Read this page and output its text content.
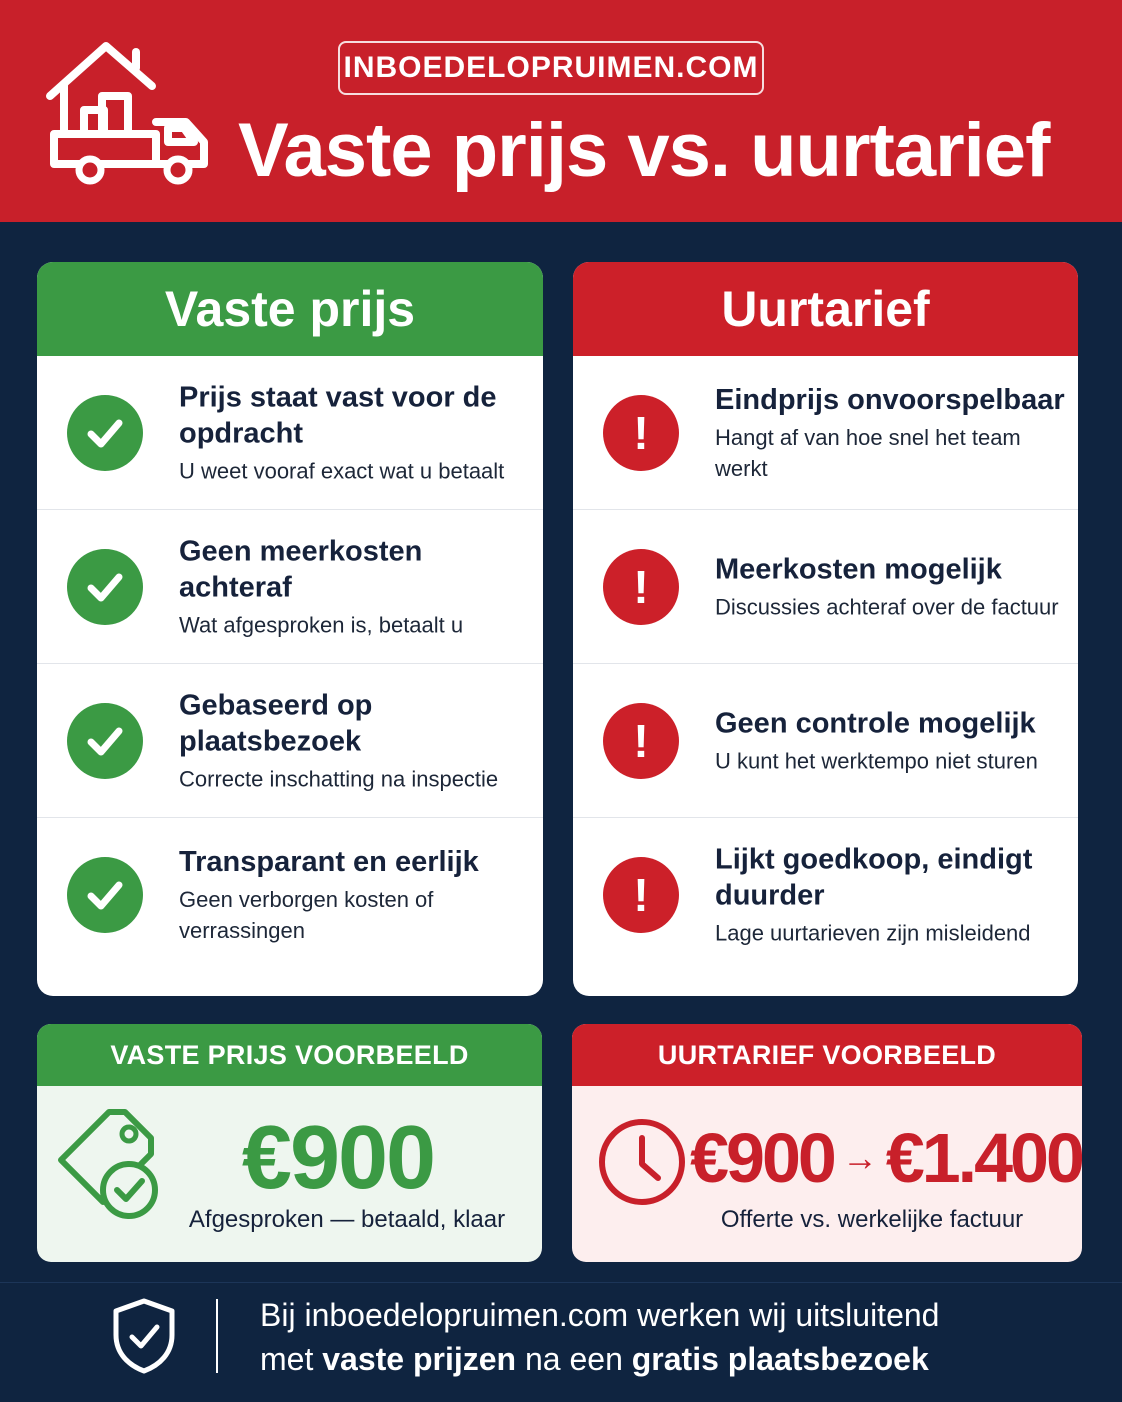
INBOEDELOPRUIMEN.COM
Vaste prijs vs. uurtarief
Vaste prijs
Prijs staat vast voor de opdracht
U weet vooraf exact wat u betaalt
Geen meerkosten achteraf
Wat afgesproken is, betaalt u
Gebaseerd op plaatsbezoek
Correcte inschatting na inspectie
Transparant en eerlijk
Geen verborgen kosten of verrassingen
Uurtarief
!
Eindprijs onvoorspelbaar
Hangt af van hoe snel het team werkt
!	Meerkosten mogelijk
Discussies achteraf over de factuur
!	Geen controle mogelijk
U kunt het werktempo niet sturen
!
Lijkt goedkoop, eindigt duurder
Lage uurtarieven zijn misleidend
VASTE PRIJS VOORBEELD
€900
Afgesproken — betaald, klaar
UURTARIEF VOORBEELD
€900 → €1.400
Offerte vs. werkelijke factuur
Bij inboedelopruimen.com werken wij uitsluitend
met vaste prijzen na een gratis plaatsbezoek
